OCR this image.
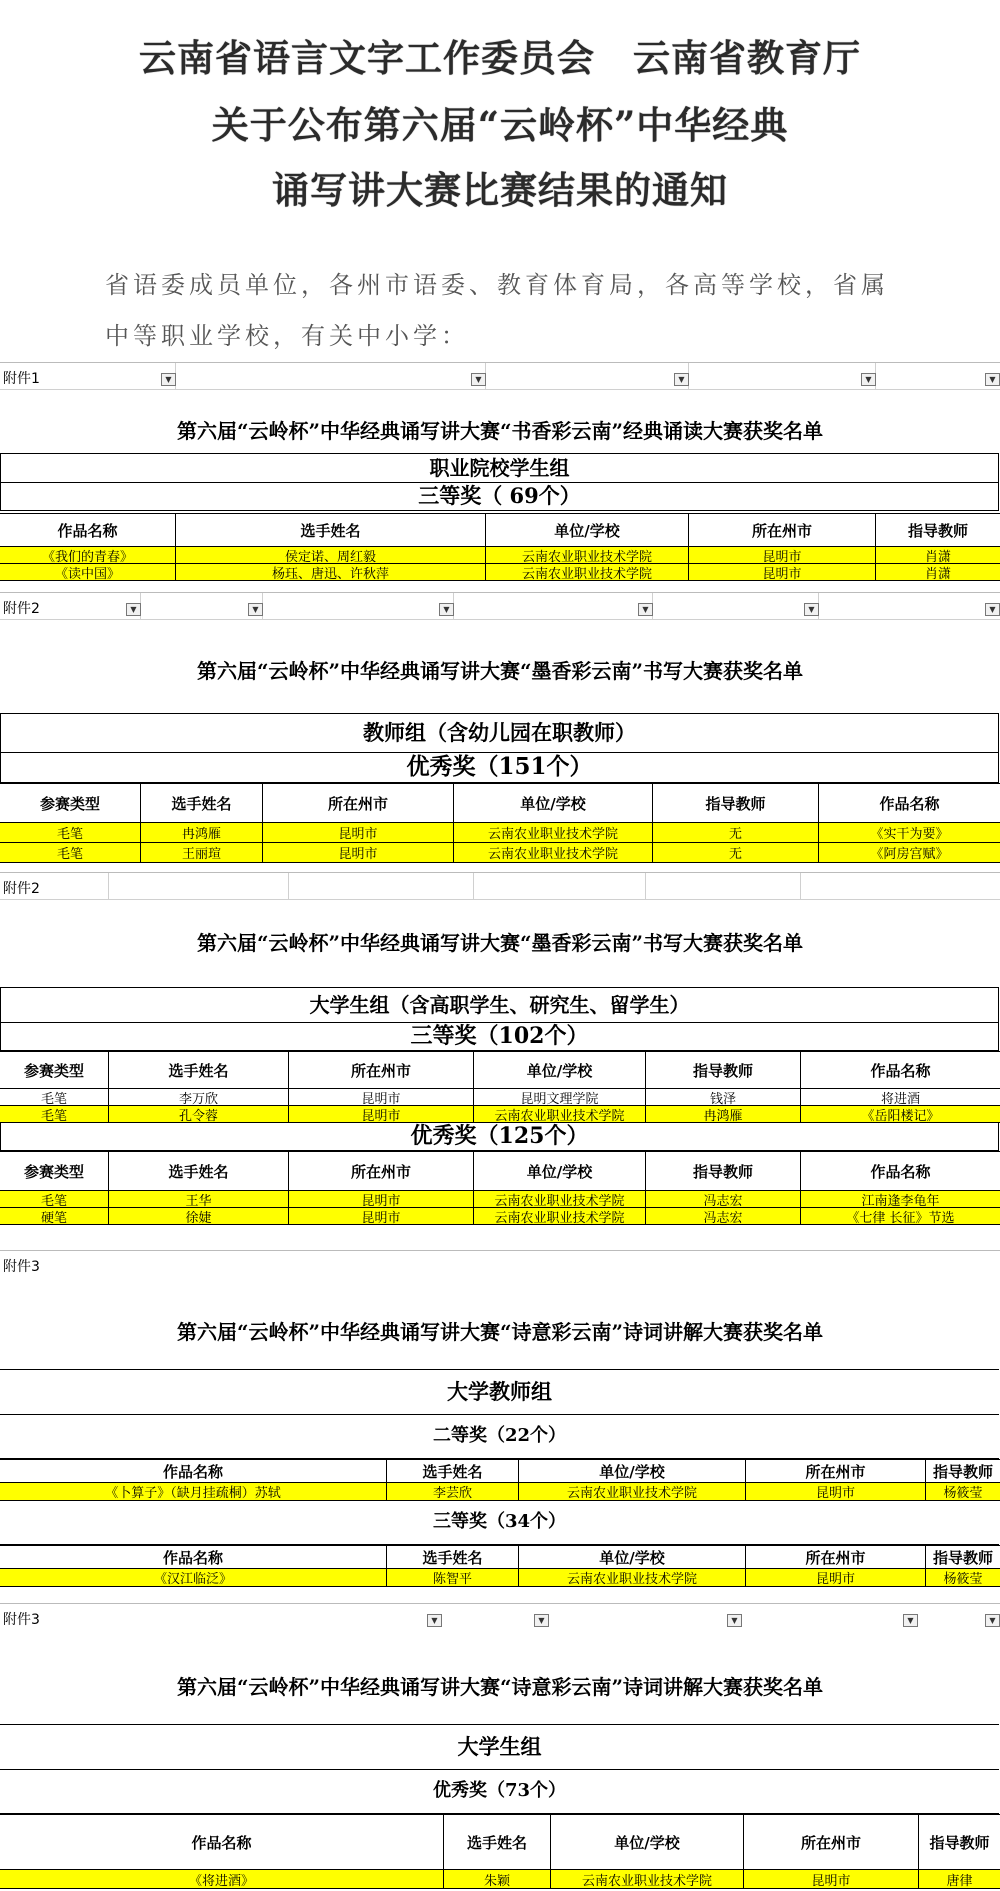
云南省语言文字工作委员会　云南省教育厅
关于公布第六届“云岭杯”中华经典
诵写讲大赛比赛结果的通知
省语委成员单位，各州市语委、教育体育局，各高等学校，省属
中等职业学校，有关中小学：
附件1	▼	▼	▼	▼	▼
第六届“云岭杯”中华经典诵写讲大赛“书香彩云南”经典诵读大赛获奖名单
职业院校学生组
三等奖（ 69个）
作品名称	选手姓名	单位/学校	所在州市	指导教师
《我们的青春》	侯定诺、周红毅	云南农业职业技术学院	昆明市	肖潇
《读中国》	杨珏、唐迅、许秋萍	云南农业职业技术学院	昆明市	肖潇
附件2	▼	▼	▼	▼	▼	▼
第六届“云岭杯”中华经典诵写讲大赛“墨香彩云南”书写大赛获奖名单
教师组（含幼儿园在职教师）
优秀奖（151个）
参赛类型	选手姓名	所在州市	单位/学校	指导教师	作品名称
毛笔	冉鸿雁	昆明市	云南农业职业技术学院	无	《实干为要》
毛笔	王丽瑄	昆明市	云南农业职业技术学院	无	《阿房宫赋》
附件2
第六届“云岭杯”中华经典诵写讲大赛“墨香彩云南”书写大赛获奖名单
大学生组（含高职学生、研究生、留学生）
三等奖（102个）
参赛类型	选手姓名	所在州市	单位/学校	指导教师	作品名称
毛笔	李万欣	昆明市	昆明文理学院	钱泽	将进酒
毛笔	孔令蓉	昆明市	云南农业职业技术学院	冉鸿雁	《岳阳楼记》
优秀奖（125个）
参赛类型	选手姓名	所在州市	单位/学校	指导教师	作品名称
毛笔	王华	昆明市	云南农业职业技术学院	冯志宏	江南逢李龟年
硬笔	徐婕	昆明市	云南农业职业技术学院	冯志宏	《七律 长征》节选
附件3
第六届“云岭杯”中华经典诵写讲大赛“诗意彩云南”诗词讲解大赛获奖名单
大学教师组
二等奖（22个）
作品名称	选手姓名	单位/学校	所在州市	指导教师
《卜算子》（缺月挂疏桐）苏轼	李芸欣	云南农业职业技术学院	昆明市	杨筱莹
三等奖（34个）
作品名称	选手姓名	单位/学校	所在州市	指导教师
《汉江临泛》	陈智平	云南农业职业技术学院	昆明市	杨筱莹
附件3	▼	▼	▼	▼	▼
第六届“云岭杯”中华经典诵写讲大赛“诗意彩云南”诗词讲解大赛获奖名单
大学生组
优秀奖（73个）
作品名称	选手姓名	单位/学校	所在州市	指导教师
《将进酒》	朱颖	云南农业职业技术学院	昆明市	唐律
